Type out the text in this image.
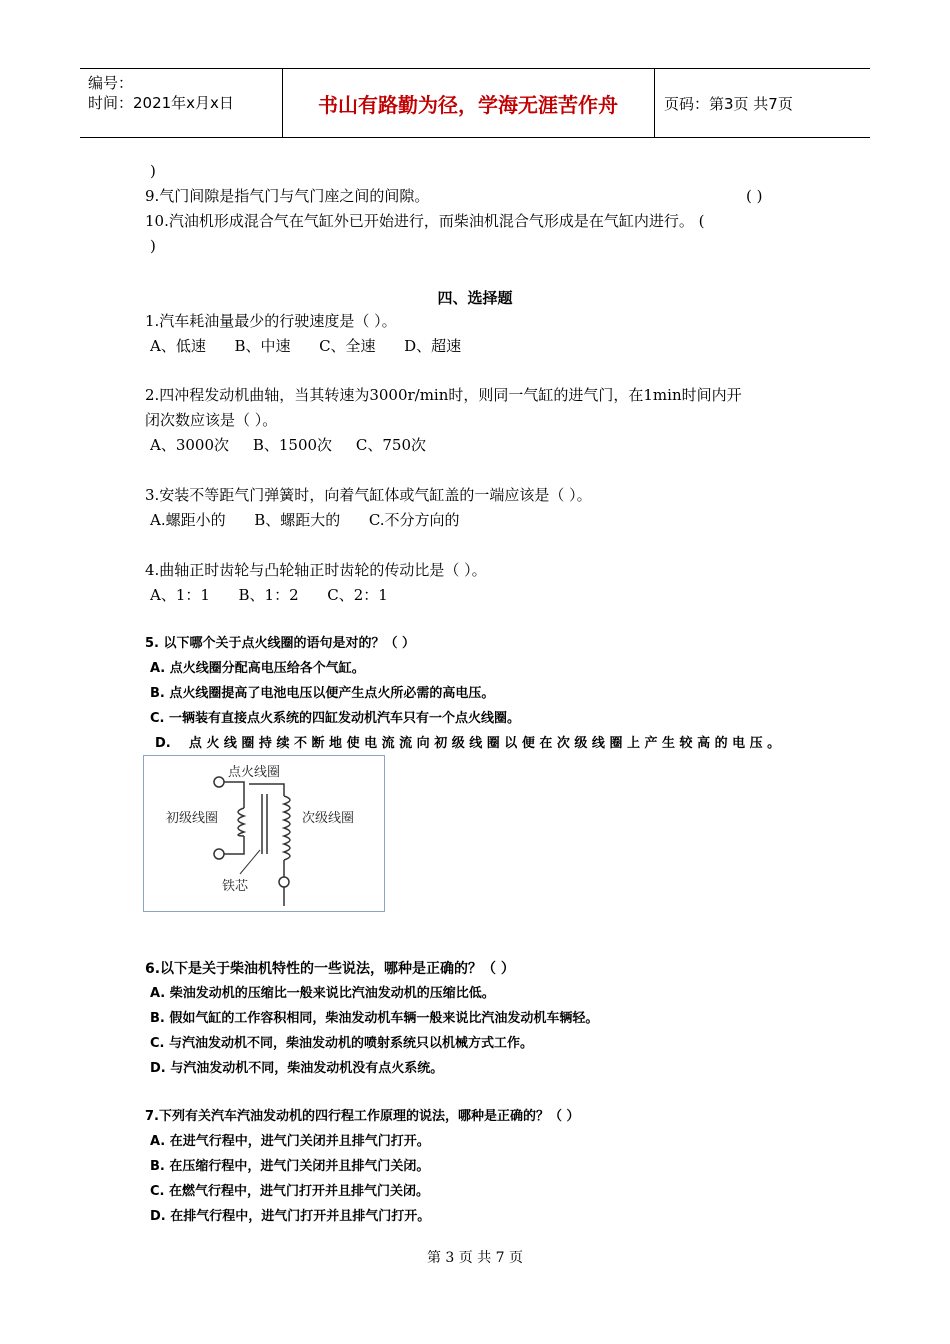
编号：
时间：2021年x月x日	书山有路勤为径，学海无涯苦作舟	页码：第3页 共7页
)
9.气门间隙是指气门与气门座之间的间隙。	( )
10.汽油机形成混合气在气缸外已开始进行，而柴油机混合气形成是在气缸内进行。 (
)
四、选择题
1.汽车耗油量最少的行驶速度是（ ）。
A、低速      B、中速      C、全速      D、超速
2.四冲程发动机曲轴，当其转速为3000r/min时，则同一气缸的进气门，在1min时间内开
闭次数应该是（ ）。
A、3000次     B、1500次     C、750次
3.安装不等距气门弹簧时，向着气缸体或气缸盖的一端应该是（ ）。
A.螺距小的      B、螺距大的      C.不分方向的
4.曲轴正时齿轮与凸轮轴正时齿轮的传动比是（ ）。
A、1：1      B、1：2      C、2：1
5. 以下哪个关于点火线圈的语句是对的？（ ）
A. 点火线圈分配高电压给各个气缸。
B. 点火线圈提高了电池电压以便产生点火所必需的高电压。
C. 一辆装有直接点火系统的四缸发动机汽车只有一个点火线圈。
D.    点 火 线 圈 持 续 不 断 地 使 电 流 流 向 初 级 线 圈 以 便 在 次 级 线 圈 上 产 生 较 高 的 电 压 。
点火线圈
初级线圈	次级线圈
铁芯
6.以下是关于柴油机特性的一些说法，哪种是正确的？（ ）
A. 柴油发动机的压缩比一般来说比汽油发动机的压缩比低。
B. 假如气缸的工作容积相同，柴油发动机车辆一般来说比汽油发动机车辆轻。
C. 与汽油发动机不同，柴油发动机的喷射系统只以机械方式工作。
D. 与汽油发动机不同，柴油发动机没有点火系统。
7.下列有关汽车汽油发动机的四行程工作原理的说法，哪种是正确的？（ ）
A. 在进气行程中，进气门关闭并且排气门打开。
B. 在压缩行程中，进气门关闭并且排气门关闭。
C. 在燃气行程中，进气门打开并且排气门关闭。
D. 在排气行程中，进气门打开并且排气门打开。
第 3 页 共 7 页
